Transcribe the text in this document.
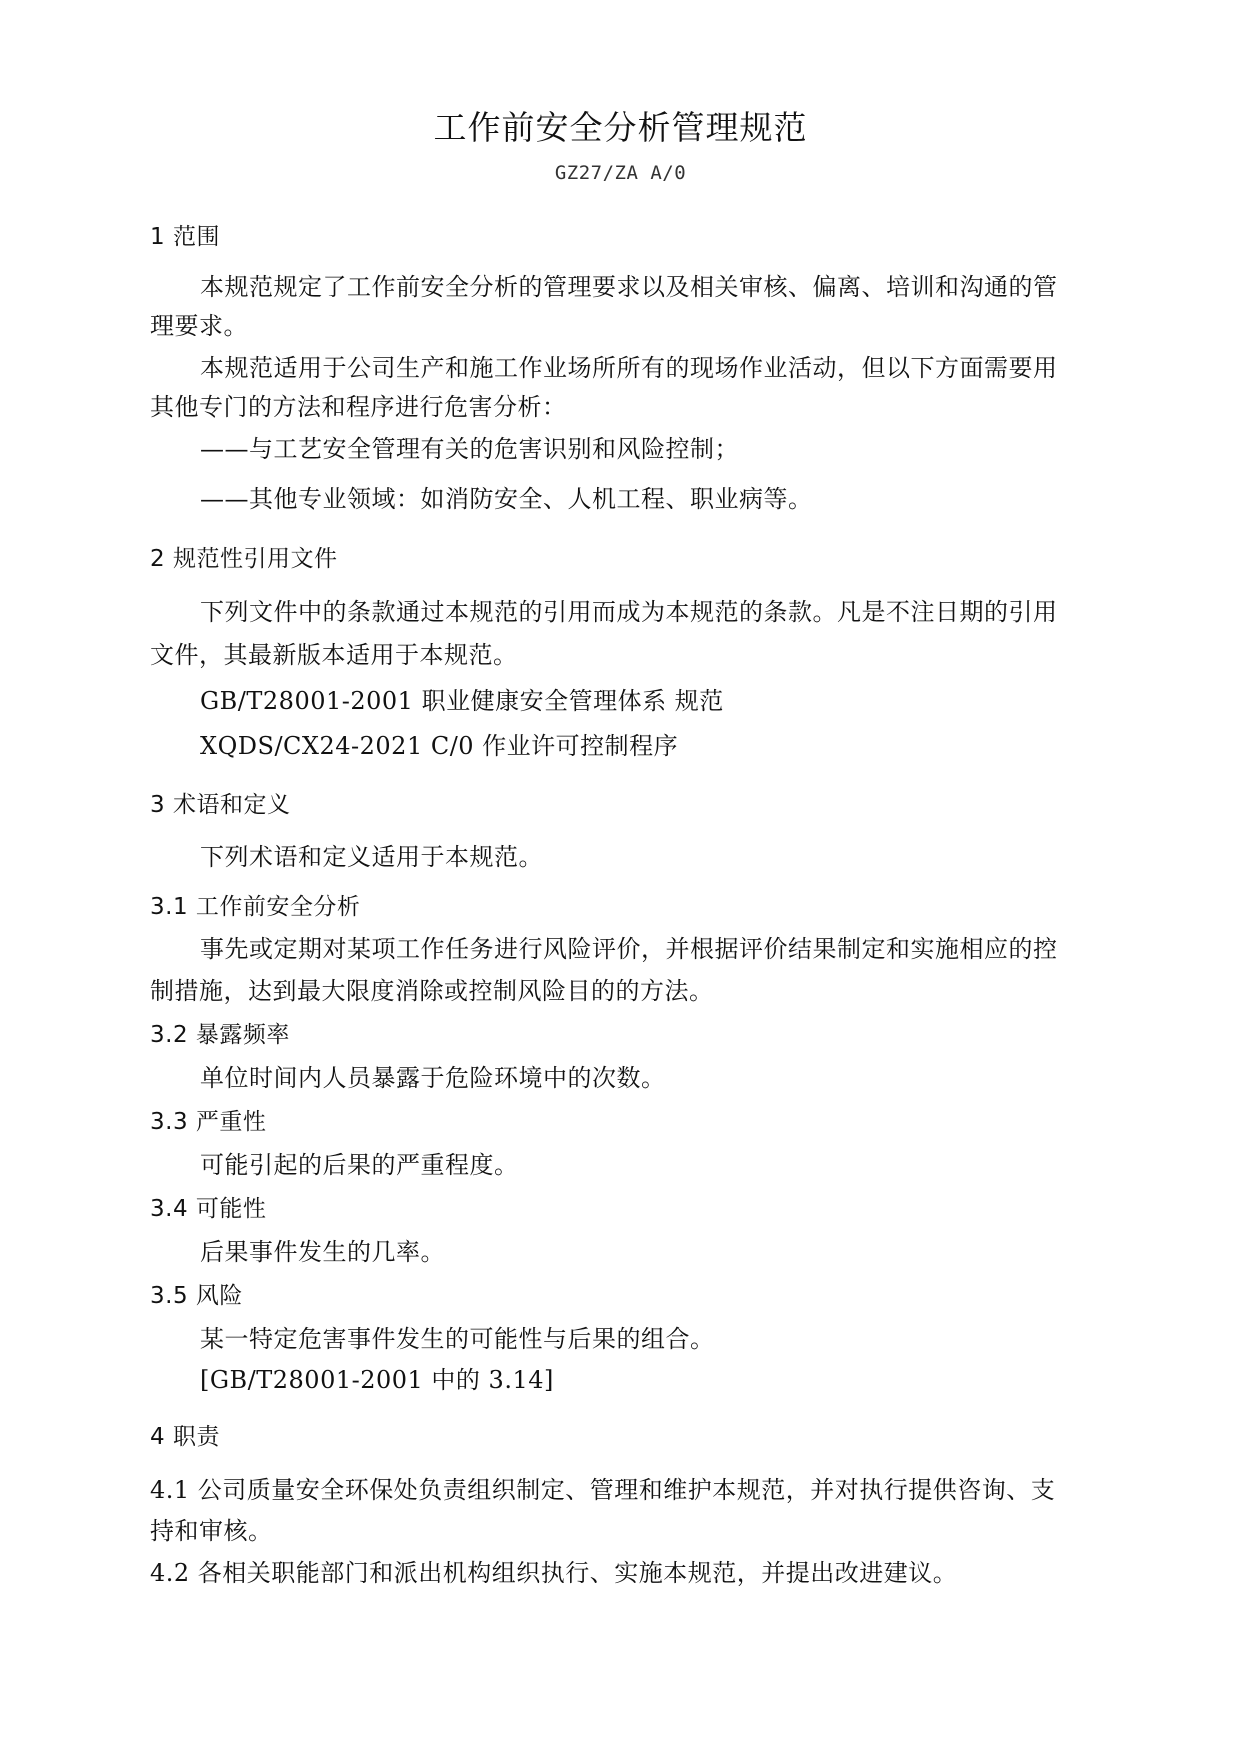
工作前安全分析管理规范
GZ27/ZA A/0
1 范围
本规范规定了工作前安全分析的管理要求以及相关审核、偏离、培训和沟通的管
理要求。
本规范适用于公司生产和施工作业场所所有的现场作业活动，但以下方面需要用
其他专门的方法和程序进行危害分析：
——与工艺安全管理有关的危害识别和风险控制；
——其他专业领域：如消防安全、人机工程、职业病等。
2 规范性引用文件
下列文件中的条款通过本规范的引用而成为本规范的条款。凡是不注日期的引用
文件，其最新版本适用于本规范。
GB/T28001-2001 职业健康安全管理体系 规范
XQDS/CX24-2021 C/0 作业许可控制程序
3 术语和定义
下列术语和定义适用于本规范。
3.1 工作前安全分析
事先或定期对某项工作任务进行风险评价，并根据评价结果制定和实施相应的控
制措施，达到最大限度消除或控制风险目的的方法。
3.2 暴露频率
单位时间内人员暴露于危险环境中的次数。
3.3 严重性
可能引起的后果的严重程度。
3.4 可能性
后果事件发生的几率。
3.5 风险
某一特定危害事件发生的可能性与后果的组合。
[GB/T28001-2001 中的 3.14]
4 职责
4.1 公司质量安全环保处负责组织制定、管理和维护本规范，并对执行提供咨询、支
持和审核。
4.2 各相关职能部门和派出机构组织执行、实施本规范，并提出改进建议。
